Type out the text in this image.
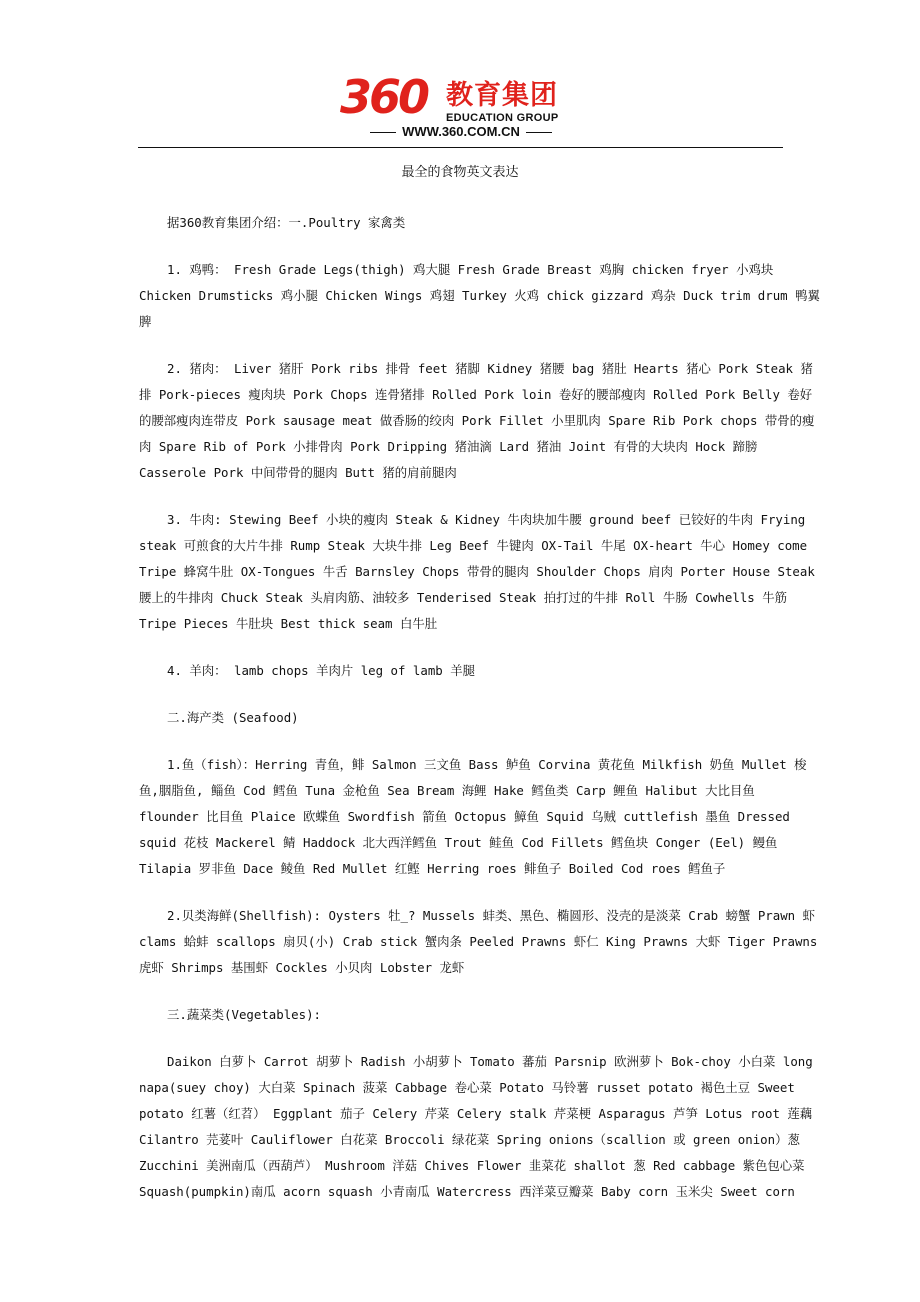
360 教育集团
EDUCATION GROUP
WWW.360.COM.CN
最全的食物英文表达

据360教育集团介绍：一.Poultry 家禽类

1. 鸡鸭： Fresh Grade Legs(thigh) 鸡大腿 Fresh Grade Breast 鸡胸 chicken fryer 小鸡块 Chicken Drumsticks 鸡小腿 Chicken Wings 鸡翅 Turkey 火鸡 chick gizzard 鸡杂 Duck trim drum 鸭翼脾

2. 猪肉： Liver 猪肝 Pork ribs 排骨 feet 猪脚 Kidney 猪腰 bag 猪肚 Hearts 猪心 Pork Steak 猪排 Pork-pieces 瘦肉块 Pork Chops 连骨猪排 Rolled Pork loin 卷好的腰部瘦肉 Rolled Pork Belly 卷好的腰部瘦肉连带皮 Pork sausage meat 做香肠的绞肉 Pork Fillet 小里肌肉 Spare Rib Pork chops 带骨的瘦肉 Spare Rib of Pork 小排骨肉 Pork Dripping 猪油滴 Lard 猪油 Joint 有骨的大块肉 Hock 蹄膀 Casserole Pork 中间带骨的腿肉 Butt 猪的肩前腿肉

3. 牛肉: Stewing Beef 小块的瘦肉 Steak & Kidney 牛肉块加牛腰 ground beef 已铰好的牛肉 Frying steak 可煎食的大片牛排 Rump Steak 大块牛排 Leg Beef 牛键肉 OX-Tail 牛尾 OX-heart 牛心 Homey come Tripe 蜂窝牛肚 OX-Tongues 牛舌 Barnsley Chops 带骨的腿肉 Shoulder Chops 肩肉 Porter House Steak 腰上的牛排肉 Chuck Steak 头肩肉筋、油较多 Tenderised Steak 拍打过的牛排 Roll 牛肠 Cowhells 牛筋 Tripe Pieces 牛肚块 Best thick seam 白牛肚

4. 羊肉： lamb chops 羊肉片 leg of lamb 羊腿

二.海产类 (Seafood)

1.鱼（fish）：Herring 青鱼，鲱 Salmon 三文鱼 Bass 鲈鱼 Corvina 黄花鱼 Milkfish 奶鱼 Mullet 梭鱼,胭脂鱼, 鲻鱼 Cod 鳕鱼 Tuna 金枪鱼 Sea Bream 海鲤 Hake 鳕鱼类 Carp 鲤鱼 Halibut 大比目鱼 flounder 比目鱼 Plaice 欧蝶鱼 Swordfish 箭鱼 Octopus 鱆鱼 Squid 乌贼 cuttlefish 墨鱼 Dressed squid 花枝 Mackerel 鲭 Haddock 北大西洋鳕鱼 Trout 鲑鱼 Cod Fillets 鳕鱼块 Conger (Eel) 鳗鱼 Tilapia 罗非鱼 Dace 鲮鱼 Red Mullet 红鲣 Herring roes 鲱鱼子 Boiled Cod roes 鳕鱼子

2.贝类海鲜(Shellfish): Oysters 牡_? Mussels 蚌类、黑色、椭圆形、没壳的是淡菜 Crab 螃蟹 Prawn 虾 clams 蛤蚌 scallops 扇贝(小) Crab stick 蟹肉条 Peeled Prawns 虾仁 King Prawns 大虾 Tiger Prawns 虎虾 Shrimps 基围虾 Cockles 小贝肉 Lobster 龙虾

三.蔬菜类(Vegetables):

Daikon 白萝卜 Carrot 胡萝卜 Radish 小胡萝卜 Tomato 蕃茄 Parsnip 欧洲萝卜 Bok-choy 小白菜 long napa(suey choy) 大白菜 Spinach 菠菜 Cabbage 卷心菜 Potato 马铃薯 russet potato 褐色土豆 Sweet potato 红薯（红苕） Eggplant 茄子 Celery 芹菜 Celery stalk 芹菜梗 Asparagus 芦笋 Lotus root 莲藕 Cilantro 芫荽叶 Cauliflower 白花菜 Broccoli 绿花菜 Spring onions（scallion 或 green onion）葱 Zucchini 美洲南瓜（西葫芦） Mushroom 洋菇 Chives Flower 韭菜花 shallot 葱 Red cabbage 紫色包心菜 Squash(pumpkin)南瓜 acorn squash 小青南瓜 Watercress 西洋菜豆瓣菜 Baby corn 玉米尖 Sweet corn
